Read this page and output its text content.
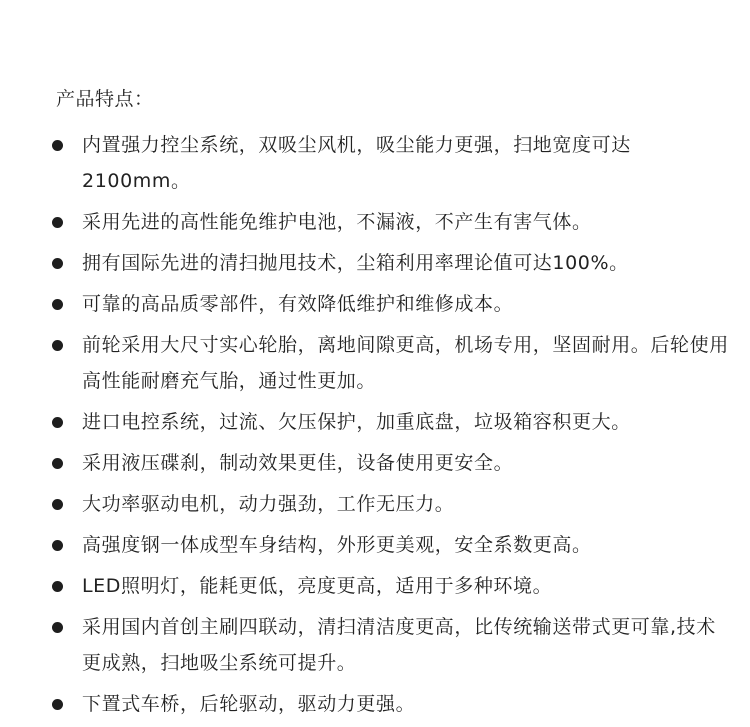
产品特点：
内置强力控尘系统，双吸尘风机，吸尘能力更强，扫地宽度可达2100mm。
采用先进的高性能免维护电池，不漏液，不产生有害气体。
拥有国际先进的清扫抛甩技术，尘箱利用率理论值可达100%。
可靠的高品质零部件，有效降低维护和维修成本。
前轮采用大尺寸实心轮胎，离地间隙更高，机场专用，坚固耐用。后轮使用高性能耐磨充气胎，通过性更加。
进口电控系统，过流、欠压保护，加重底盘，垃圾箱容积更大。
采用液压碟刹，制动效果更佳，设备使用更安全。
大功率驱动电机，动力强劲，工作无压力。
高强度钢一体成型车身结构，外形更美观，安全系数更高。
LED照明灯，能耗更低，亮度更高，适用于多种环境。
采用国内首创主刷四联动，清扫清洁度更高，比传统输送带式更可靠,技术更成熟，扫地吸尘系统可提升。
下置式车桥，后轮驱动，驱动力更强。
